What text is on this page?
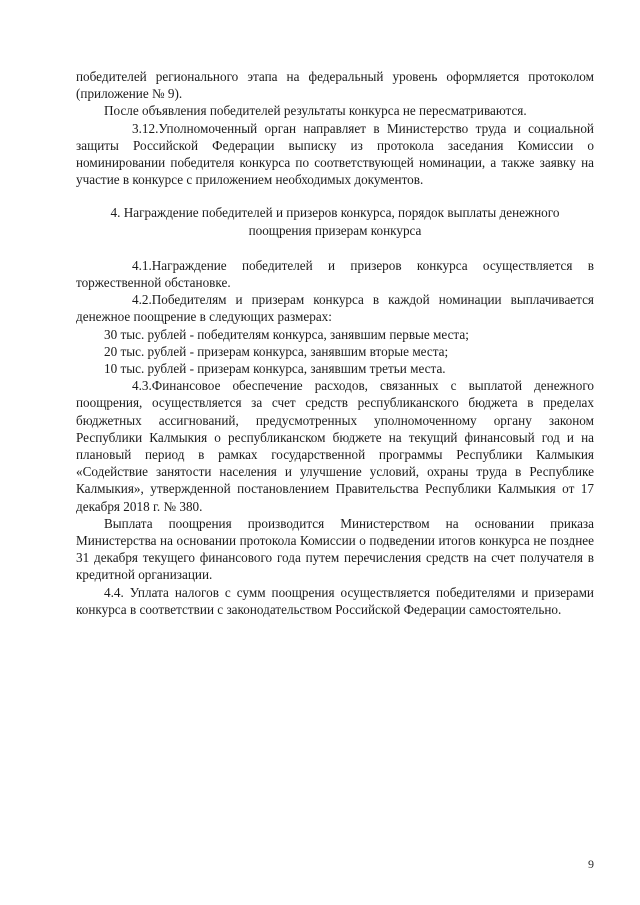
победителей регионального этапа на федеральный уровень оформляется протоколом (приложение № 9).

После объявления победителей результаты конкурса не пересматриваются.

3.12.Уполномоченный орган направляет в Министерство труда и социальной защиты Российской Федерации выписку из протокола заседания Комиссии о номинировании победителя конкурса по соответствующей номинации, а также заявку на участие в конкурсе с приложением необходимых документов.

4. Награждение победителей и призеров конкурса, порядок выплаты денежного
поощрения призерам конкурса

4.1.Награждение победителей и призеров конкурса осуществляется в торжественной обстановке.

4.2.Победителям и призерам конкурса в каждой номинации выплачивается денежное поощрение в следующих размерах:

30 тыс. рублей - победителям конкурса, занявшим первые места;

20 тыс. рублей - призерам конкурса, занявшим вторые места;

10 тыс. рублей - призерам конкурса, занявшим третьи места.

4.3.Финансовое обеспечение расходов, связанных с выплатой денежного поощрения, осуществляется за счет средств республиканского бюджета в пределах бюджетных ассигнований, предусмотренных уполномоченному органу законом Республики Калмыкия о республиканском бюджете на текущий финансовый год и на плановый период в рамках государственной программы Республики Калмыкия «Содействие занятости населения и улучшение условий, охраны труда в Республике Калмыкия», утвержденной постановлением Правительства Республики Калмыкия от 17 декабря 2018 г. № 380.

Выплата поощрения производится Министерством на основании приказа Министерства на основании протокола Комиссии о подведении итогов конкурса не позднее 31 декабря текущего финансового года путем перечисления средств на счет получателя в кредитной организации.

4.4. Уплата налогов с сумм поощрения осуществляется победителями и призерами конкурса в соответствии с законодательством Российской Федерации самостоятельно.

9
